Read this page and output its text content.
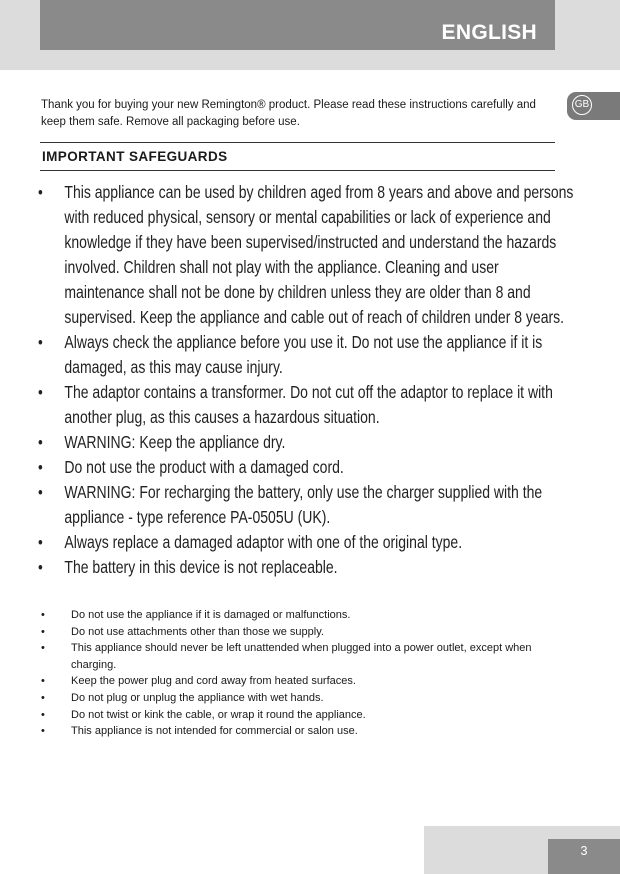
ENGLISH
GB

Thank you for buying your new Remington® product. Please read these instructions carefully and keep them safe. Remove all packaging before use.

IMPORTANT SAFEGUARDS
• This appliance can be used by children aged from 8 years and above and persons with reduced physical, sensory or mental capabilities or lack of experience and knowledge if they have been supervised/instructed and understand the hazards involved. Children shall not play with the appliance. Cleaning and user maintenance shall not be done by children unless they are older than 8 and supervised. Keep the appliance and cable out of reach of children under 8 years.
• Always check the appliance before you use it. Do not use the appliance if it is damaged, as this may cause injury.
• The adaptor contains a transformer. Do not cut off the adaptor to replace it with another plug, as this causes a hazardous situation.
• WARNING: Keep the appliance dry.
• Do not use the product with a damaged cord.
• WARNING: For recharging the battery, only use the charger supplied with the appliance - type reference PA-0505U (UK).
• Always replace a damaged adaptor with one of the original type.
• The battery in this device is not replaceable.
• Do not use the appliance if it is damaged or malfunctions.
• Do not use attachments other than those we supply.
• This appliance should never be left unattended when plugged into a power outlet, except when charging.
• Keep the power plug and cord away from heated surfaces.
• Do not plug or unplug the appliance with wet hands.
• Do not twist or kink the cable, or wrap it round the appliance.
• This appliance is not intended for commercial or salon use.
3
